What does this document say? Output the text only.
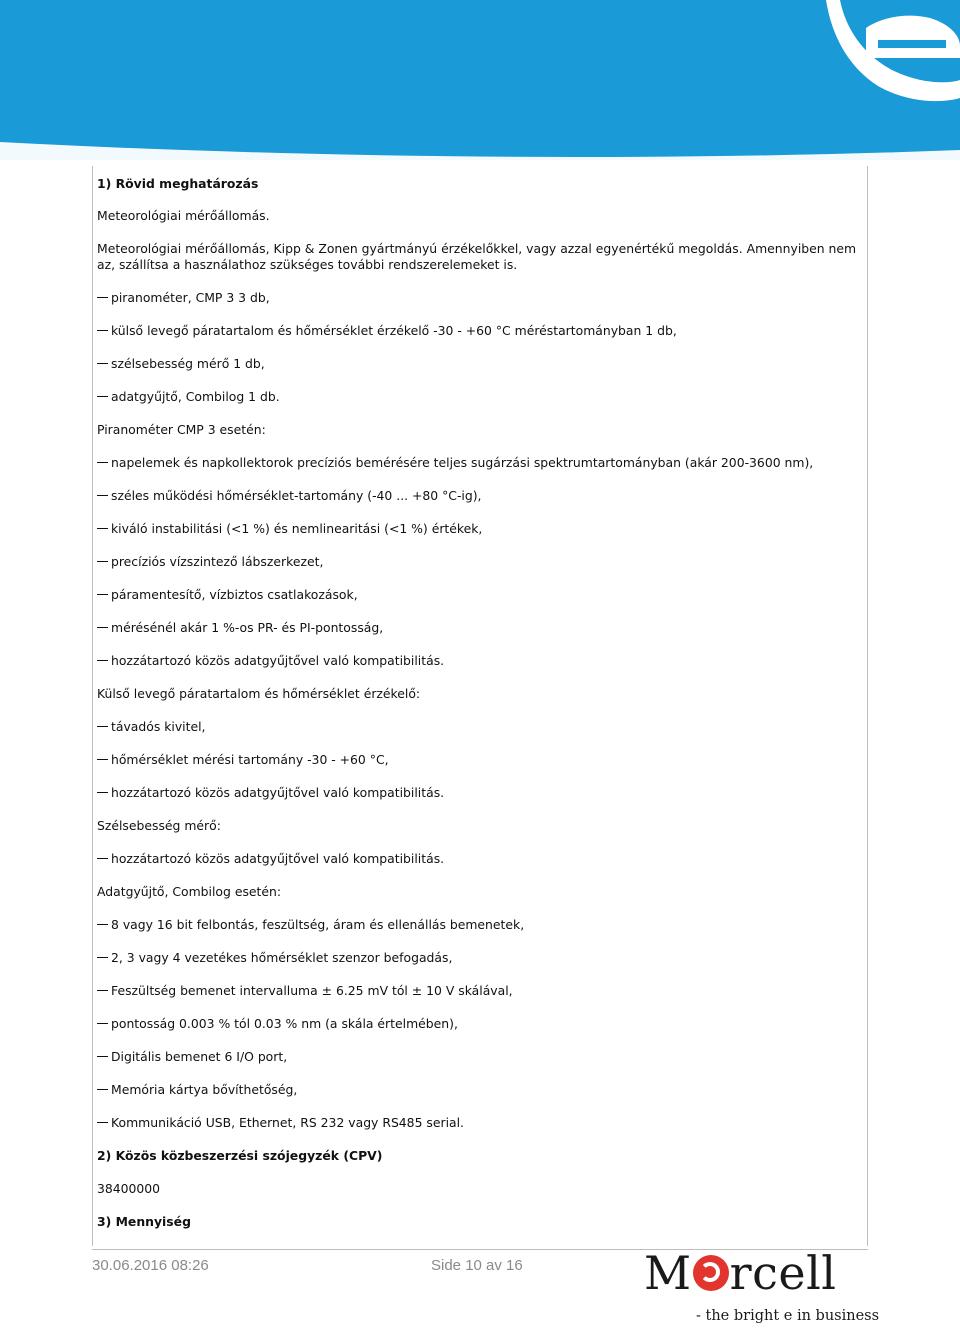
1) Rövid meghatározás
Meteorológiai mérőállomás.
Meteorológiai mérőállomás, Kipp & Zonen gyártmányú érzékelőkkel, vagy azzal egyenértékű megoldás. Amennyiben nem az, szállítsa a használathoz szükséges további rendszerelemeket is.
piranométer, CMP 3 3 db,
külső levegő páratartalom és hőmérséklet érzékelő -30 - +60 °C méréstartományban 1 db,
szélsebesség mérő 1 db,
adatgyűjtő, Combilog 1 db.
Piranométer CMP 3 esetén:
napelemek és napkollektorok precíziós bemérésére teljes sugárzási spektrumtartományban (akár 200-3600 nm),
széles működési hőmérséklet-tartomány (-40 ... +80 °C-ig),
kiváló instabilitási (<1 %) és nemlinearitási (<1 %) értékek,
precíziós vízszintező lábszerkezet,
páramentesítő, vízbiztos csatlakozások,
mérésénél akár 1 %-os PR- és PI-pontosság,
hozzátartozó közös adatgyűjtővel való kompatibilitás.
Külső levegő páratartalom és hőmérséklet érzékelő:
távadós kivitel,
hőmérséklet mérési tartomány -30 - +60 °C,
hozzátartozó közös adatgyűjtővel való kompatibilitás.
Szélsebesség mérő:
hozzátartozó közös adatgyűjtővel való kompatibilitás.
Adatgyűjtő, Combilog esetén:
8 vagy 16 bit felbontás, feszültség, áram és ellenállás bemenetek,
2, 3 vagy 4 vezetékes hőmérséklet szenzor befogadás,
Feszültség bemenet intervalluma ± 6.25 mV tól ± 10 V skálával,
pontosság 0.003 % tól 0.03 % nm (a skála értelmében),
Digitális bemenet 6 I/O port,
Memória kártya bővíthetőség,
Kommunikáció USB, Ethernet, RS 232 vagy RS485 serial.
2) Közös közbeszerzési szójegyzék (CPV)
38400000
3) Mennyiség
30.06.2016 08:26	Side 10 av 16	M rcell
- the bright e in business
